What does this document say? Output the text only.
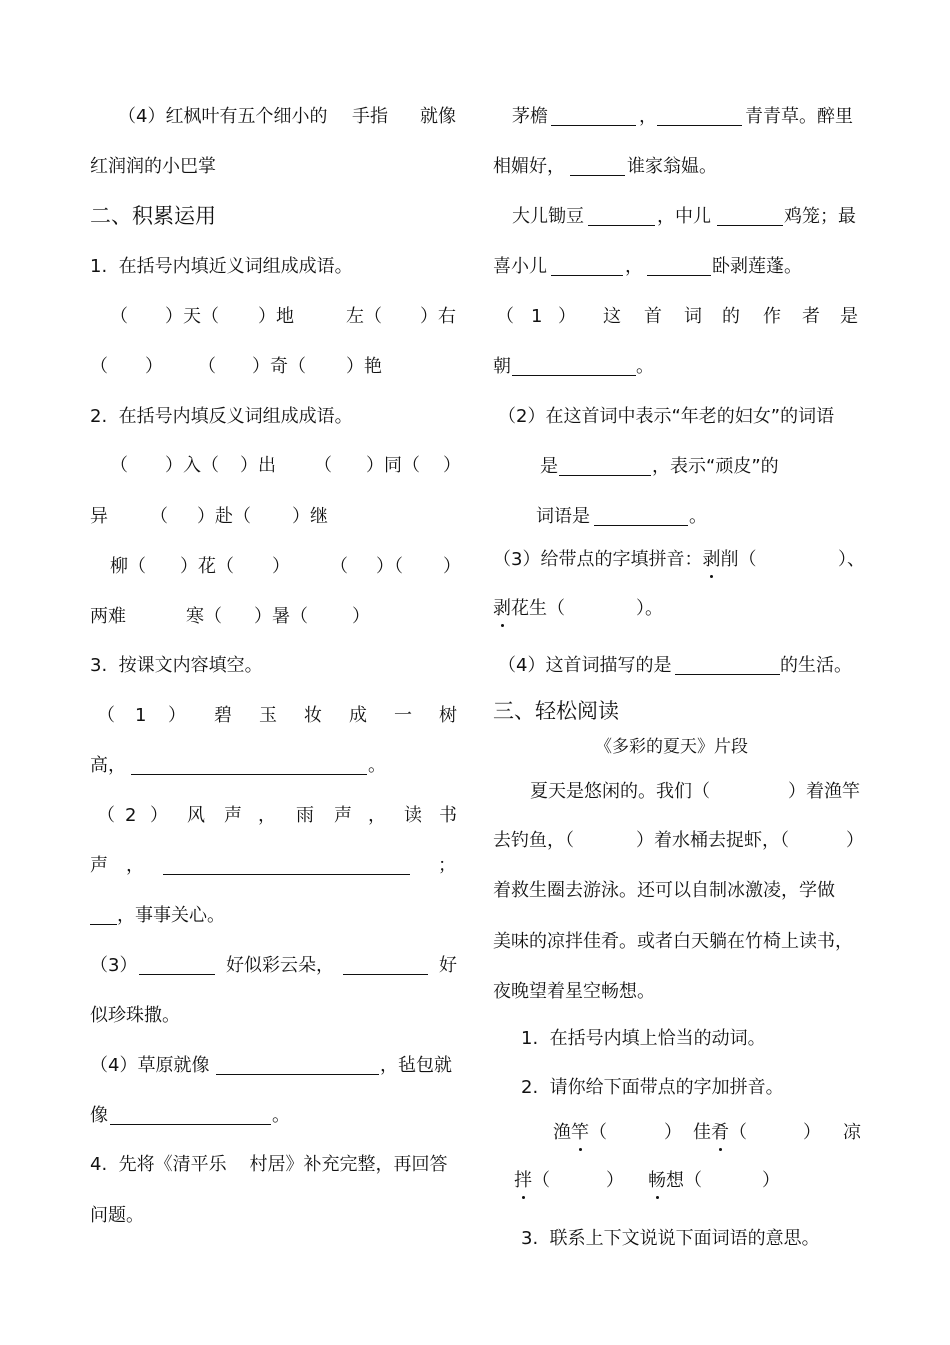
（4）红枫叶有五个细小的 手指 就像
红润润的小巴掌
二、积累运用
1.  在括号内填近义词组成成语。
（ ）天（ ）地	左（ ）右
（ ） （ ）奇（ ）艳
2.  在括号内填反义词组成成语。
（ ）入（ ）出 （ ）同（ ）
异 （ ）赴（ ）继
柳（ ）花（ ） （ ）（ ）
两难	寒（ ）暑（ ）
3.  按课文内容填空。
（ 1 ） 碧 玉 妆 成 一 树
高，	。
（ 2 ） 风 声 ， 雨 声 ， 读 书
声 ，	；
，事事关心。
（3）	好似彩云朵，	好
似珍珠撒。
（4）草原就像	，毡包就
像	。
4.  先将《清平乐    村居》补充完整，再回答
问题。
茅檐	，	青青草。醉里
相媚好，	谁家翁媪。
大儿锄豆	，中儿	鸡笼；最
喜小儿	，	卧剥莲蓬。
（ 1 ） 这 首 词 的 作 者 是
朝	。
（2）在这首词中表示“年老的妇女”的词语
是	，表示“顽皮”的
词语是	。
（3）给带点的字填拼音：剥削（	）、
剥花生（	）。
（4）这首词描写的是	的生活。
三、轻松阅读
《多彩的夏天》片段
夏天是悠闲的。我们（	）着渔竿
去钓鱼，（	）着水桶去捉虾，（	）
着救生圈去游泳。还可以自制冰激凌，学做
美味的凉拌佳肴。或者白天躺在竹椅上读书，
夜晚望着星空畅想。
1.  在括号内填上恰当的动词。
2.  请你给下面带点的字加拼音。
渔竿（	） 佳肴（	） 凉
拌（	） 畅想（	）
3.  联系上下文说说下面词语的意思。
